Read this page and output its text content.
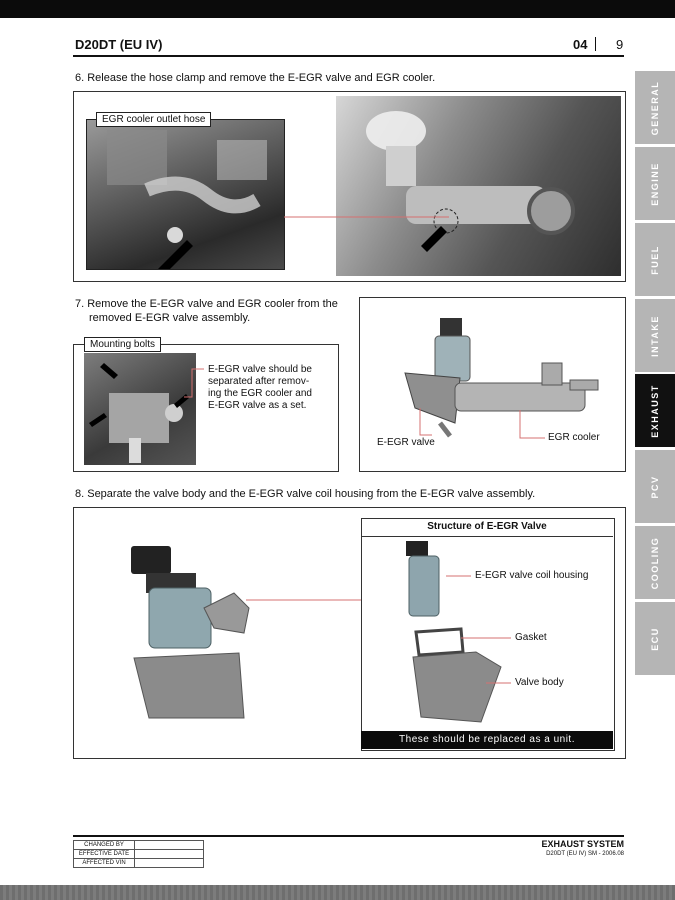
D20DT (EU IV)	04 9
GENERAL
ENGINE
FUEL
INTAKE
EXHAUST
PCV
COOLING
ECU
6. Release the hose clamp and remove the E-EGR valve and EGR cooler.
EGR cooler outlet hose
7. Remove the E-EGR valve and EGR cooler from the
removed E-EGR valve assembly.
Mounting bolts
E-EGR valve should be
separated after remov-
ing the EGR cooler and
E-EGR valve as a set.
E-EGR valve	EGR cooler
8. Separate the valve body and the E-EGR valve coil housing from the E-EGR valve assembly.
Structure of E-EGR Valve
E-EGR valve coil housing
Gasket
Valve body
These should be replaced as a unit.
CHANGED BY	
EFFECTIVE DATE	
AFFECTED VIN	
EXHAUST SYSTEM
D20DT (EU IV) SM - 2006.08
